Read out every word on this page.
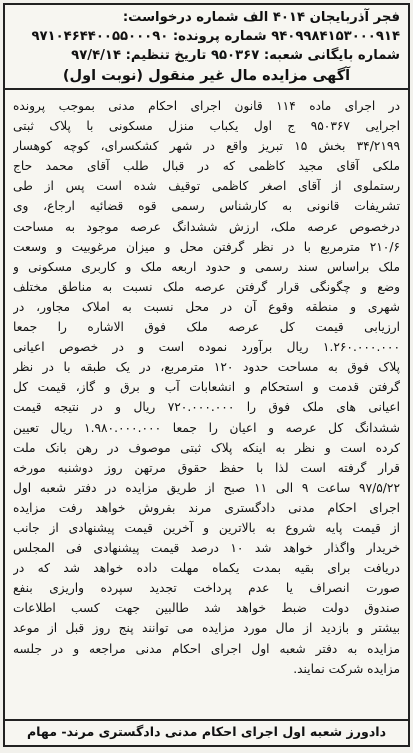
فجر آذربایجان ۴۰۱۴ الف شماره درخواست:
۹۴۰۹۹۸۴۱۵۳۰۰۰۹۱۴ شماره پرونده: ۹۷۱۰۴۶۴۴۰۰۵۵۰۰۰۹۰
شماره بایگانی شعبه: ۹۵۰۳۶۷ تاریخ تنظیم: ۹۷/۴/۱۴
آگهی مزایده مال غیر منقول (نوبت اول)
در اجرای ماده ۱۱۴ قانون اجرای احکام مدنی بموجب پرونده
اجرایی ۹۵۰۳۶۷ ج اول یکباب منزل مسکونی با پلاک ثبتی
۳۴/۲۱۹۹ بخش ۱۵ تبریز واقع در شهر کشکسرای، کوچه کوهسار
ملکی آقای مجید کاظمی که در قبال طلب آقای محمد حاج
رستملوی از آقای اصغر کاظمی توقیف شده است پس از طی
تشریفات قانونی به کارشناس رسمی قوه قضائیه ارجاع، وی
درخصوص عرصه ملک، ارزش ششدانگ عرصه موجود به مساحت
۲۱۰/۶ مترمربع با در نظر گرفتن محل و میزان مرغوبیت و وسعت
ملک براساس سند رسمی و حدود اربعه ملک و کاربری مسکونی و
وضع و چگونگی قرار گرفتن عرصه ملک نسبت به مناطق مختلف
شهری و منطقه وقوع آن در محل نسبت به املاک مجاور، در
ارزیابی قیمت کل عرصه ملک فوق الاشاره را جمعا
۱.۲۶۰.۰۰۰.۰۰۰ ریال برآورد نموده است و در خصوص اعیانی
پلاک فوق به مساحت حدود ۱۲۰ مترمربع، در یک طبقه با در نظر
گرفتن قدمت و استحکام و انشعابات آب و برق و گاز، قیمت کل
اعیانی های ملک فوق را ۷۲۰.۰۰۰.۰۰۰ ریال و در نتیجه قیمت
ششدانگ کل عرصه و اعیان را جمعا ۱.۹۸۰.۰۰۰.۰۰۰ ریال تعیین
کرده است و نظر به اینکه پلاک ثبتی موصوف در رهن بانک ملت
قرار گرفته است لذا با حفظ حقوق مرتهن روز دوشنبه مورخه
۹۷/۵/۲۲ ساعت ۹ الی ۱۱ صبح از طریق مزایده در دفتر شعبه اول
اجرای احکام مدنی دادگستری مرند بفروش خواهد رفت مزایده
از قیمت پایه شروع به بالاترین و آخرین قیمت پیشنهادی از جانب
خریدار واگذار خواهد شد ۱۰ درصد قیمت پیشنهادی فی المجلس
دریافت برای بقیه بمدت یکماه مهلت داده خواهد شد که در
صورت انصراف یا عدم پرداخت تجدید سپرده واریزی بنفع
صندوق دولت ضبط خواهد شد طالبین جهت کسب اطلاعات
بیشتر و بازدید از مال مورد مزایده می توانند پنج روز قبل از موعد
مزایده به دفتر شعبه اول اجرای احکام مدنی مراجعه و در جلسه
مزایده شرکت نمایند.
دادورز شعبه اول اجرای احکام مدنی دادگستری مرند- مهام
